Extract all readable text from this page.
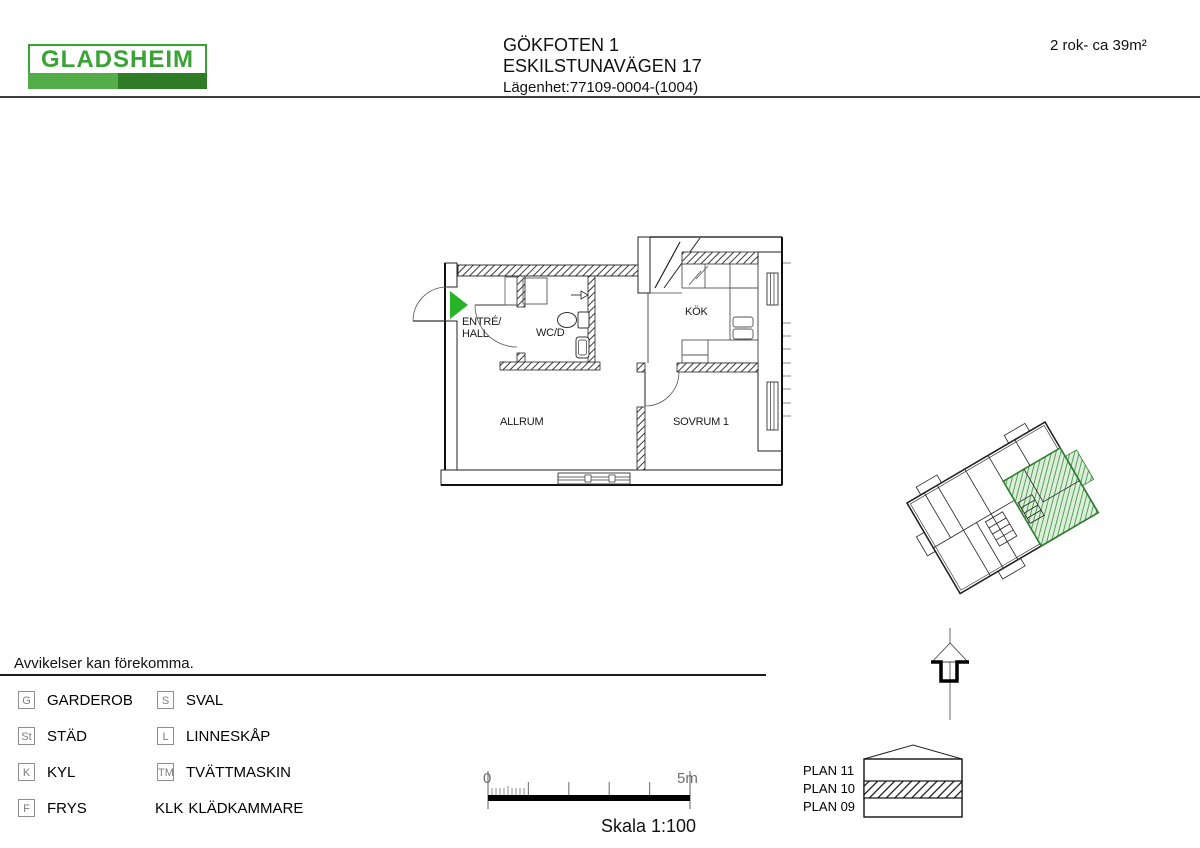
GLADSHEIM
GÖKFOTEN 1
ESKILSTUNAVÄGEN 17
Lägenhet:77109-0004-(1004)
2 rok- ca 39m²
ENTRÉ/
HALL	WC/D
KÖK
ALLRUM	SOVRUM 1
Avvikelser kan förekomma.
G GARDEROB
St STÄD
K	KYL
F	FRYS
S	SVAL
L	LINNESKÅP
TM TVÄTTMASKIN
KLK KLÄDKAMMARE
0	5m
Skala 1:100
PLAN 11
PLAN 10
PLAN 09
